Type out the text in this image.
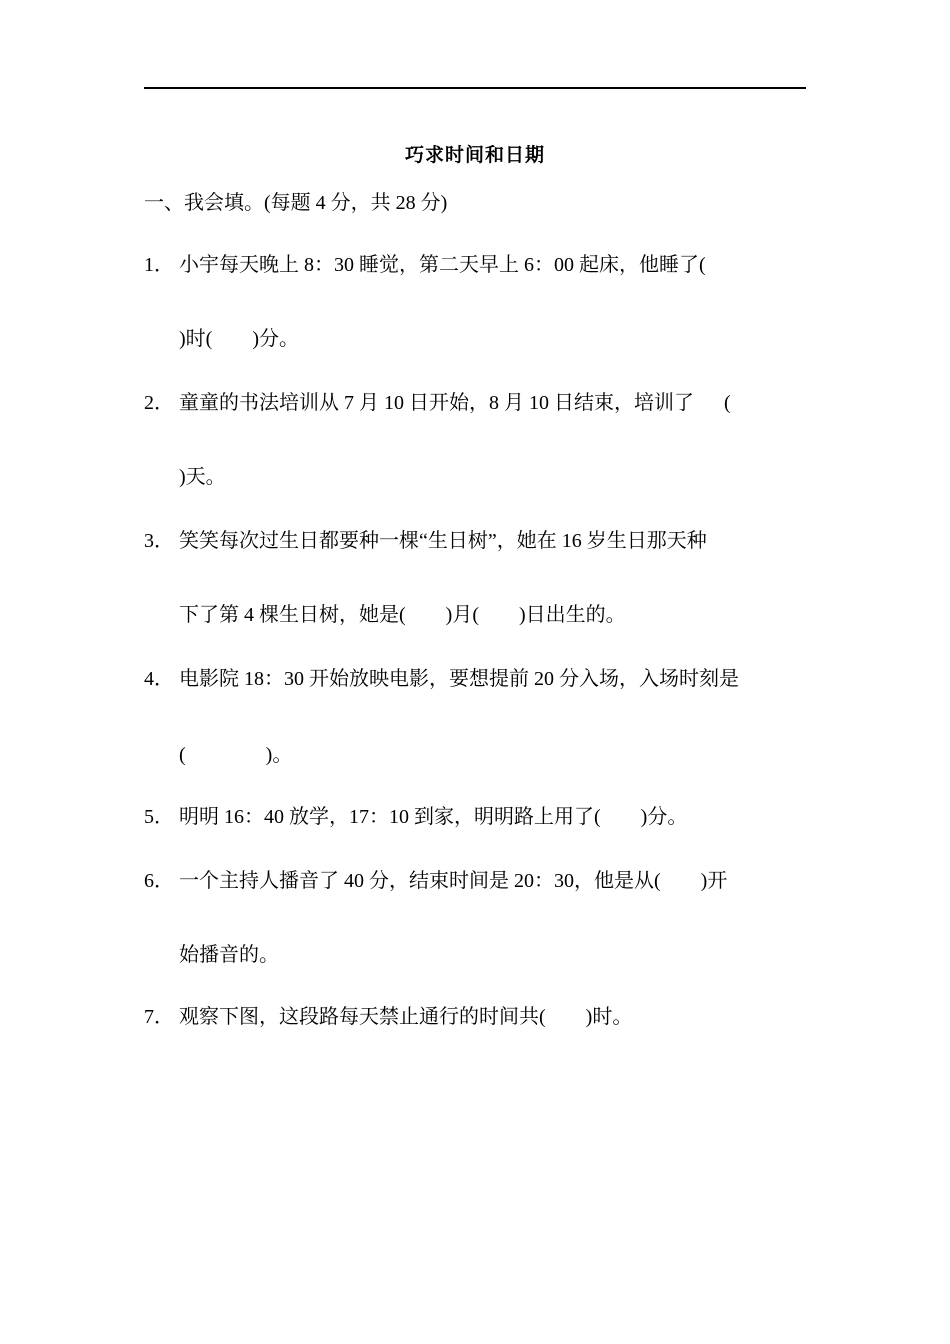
巧求时间和日期
一、我会填。(每题 4 分，共 28 分)
1． 小宇每天晚上 8：30 睡觉，第二天早上 6：00 起床，他睡了(
)时(        )分。
2． 童童的书法培训从 7 月 10 日开始，8 月 10 日结束，培训了      (
)天。
3． 笑笑每次过生日都要种一棵“生日树”，她在 16 岁生日那天种
下了第 4 棵生日树，她是(        )月(        )日出生的。
4． 电影院 18：30 开始放映电影，要想提前 20 分入场，入场时刻是
(                )。
5． 明明 16：40 放学，17：10 到家，明明路上用了(        )分。
6． 一个主持人播音了 40 分，结束时间是 20：30，他是从(        )开
始播音的。
7． 观察下图，这段路每天禁止通行的时间共(        )时。
